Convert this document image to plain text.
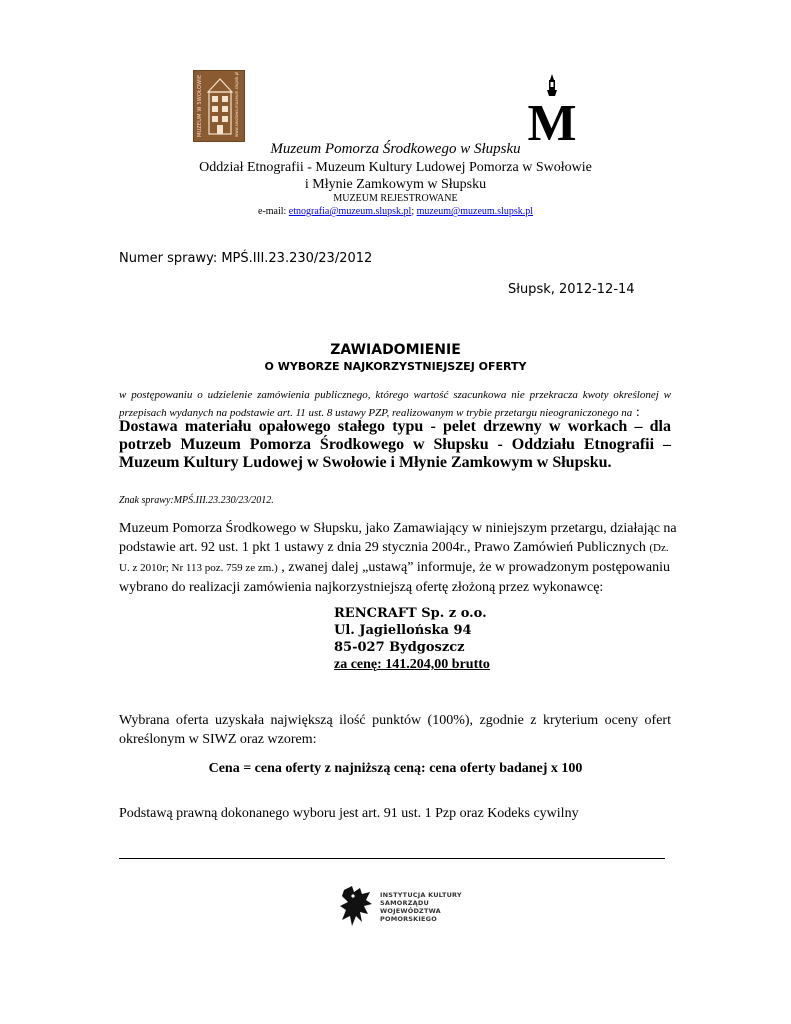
MUZEUM W SWOŁOWIE	www.swolowo.muzeum.slupsk.pl	M
Muzeum Pomorza Środkowego w Słupsku
Oddział Etnografii - Muzeum Kultury Ludowej Pomorza w Swołowie
i Młynie Zamkowym w Słupsku
MUZEUM REJESTROWANE
e-mail: etnografia@muzeum.slupsk.pl; muzeum@muzeum.slupsk.pl
Numer sprawy: MPŚ.III.23.230/23/2012
Słupsk, 2012-12-14
ZAWIADOMIENIE
O WYBORZE NAJKORZYSTNIEJSZEJ OFERTY
w postępowaniu o udzielenie zamówienia publicznego, którego wartość szacunkowa nie przekracza kwoty określonej w przepisach wydanych na podstawie art. 11 ust. 8 ustawy PZP, realizowanym w trybie przetargu nieograniczonego na :
Dostawa materiału opałowego stałego typu - pelet drzewny w workach – dla potrzeb Muzeum Pomorza Środkowego w Słupsku - Oddziału Etnografii – Muzeum Kultury Ludowej w Swołowie i Młynie Zamkowym w Słupsku.
Znak sprawy:MPŚ.III.23.230/23/2012.
Muzeum Pomorza Środkowego w Słupsku, jako Zamawiający w niniejszym przetargu, działając na podstawie art. 92 ust. 1 pkt 1 ustawy z dnia 29 stycznia 2004r., Prawo Zamówień Publicznych (Dz. U. z 2010r; Nr 113 poz. 759 ze zm.) , zwanej dalej „ustawą” informuje, że w prowadzonym postępowaniu wybrano do realizacji zamówienia najkorzystniejszą ofertę złożoną przez wykonawcę:
RENCRAFT Sp. z o.o.
Ul. Jagiellońska 94
85-027 Bydgoszcz
za cenę: 141.204,00 brutto
Wybrana oferta uzyskała największą ilość punktów (100%), zgodnie z kryterium oceny ofert określonym w SIWZ oraz wzorem:
Cena = cena oferty z najniższą ceną: cena oferty badanej x 100
Podstawą prawną dokonanego wyboru jest art. 91 ust. 1 Pzp oraz Kodeks cywilny
INSTYTUCJA KULTURY
SAMORZĄDU
WOJEWÓDZTWA
POMORSKIEGO
